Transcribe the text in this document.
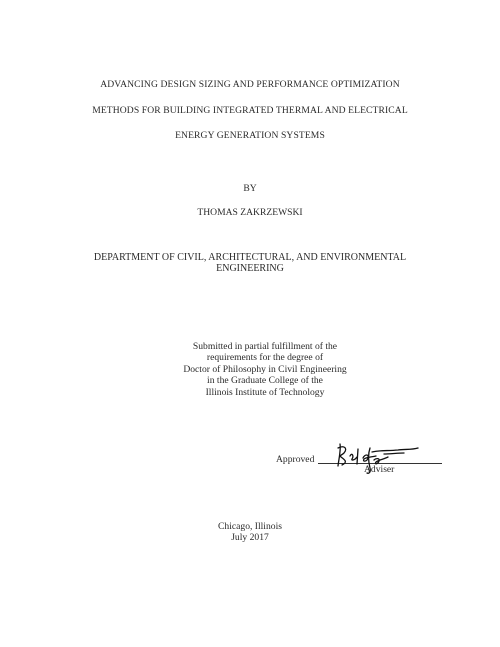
ADVANCING DESIGN SIZING AND PERFORMANCE OPTIMIZATION
METHODS FOR BUILDING INTEGRATED THERMAL AND ELECTRICAL
ENERGY GENERATION SYSTEMS
BY
THOMAS ZAKRZEWSKI
DEPARTMENT OF CIVIL, ARCHITECTURAL, AND ENVIRONMENTAL
ENGINEERING
Submitted in partial fulfillment of the
requirements for the degree of
Doctor of Philosophy in Civil Engineering
in the Graduate College of the
Illinois Institute of Technology
Approved
Adviser
Chicago, Illinois
July 2017
